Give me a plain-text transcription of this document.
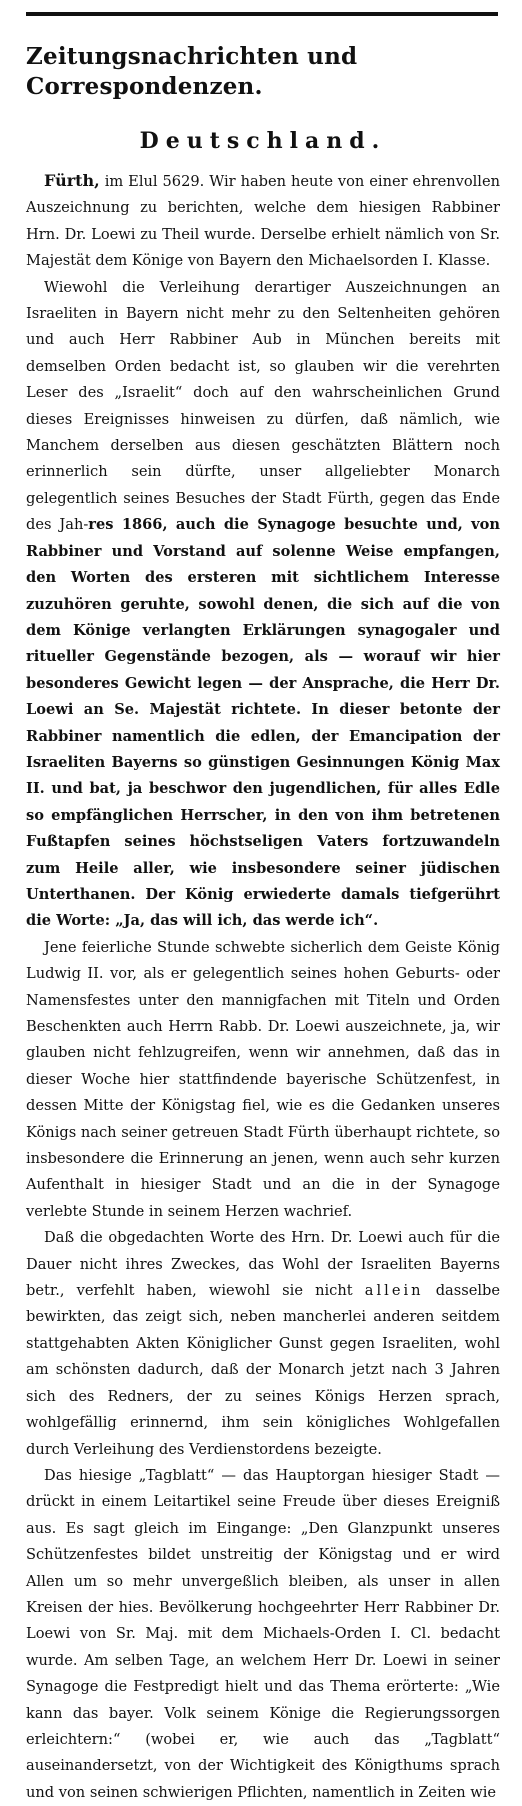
Zeitungsnachrichten und Correspondenzen.
Deutschland.

Fürth, im Elul 5629. Wir haben heute von einer ehrenvollen Auszeichnung zu berichten, welche dem hiesigen Rabbiner Hrn. Dr. Loewi zu Theil wurde. Derselbe erhielt nämlich von Sr. Majestät dem Könige von Bayern den Michaelsorden I. Klasse.

Wiewohl die Verleihung derartiger Auszeichnungen an Israeliten in Bayern nicht mehr zu den Seltenheiten gehören und auch Herr Rabbiner Aub in München bereits mit demselben Orden bedacht ist, so glauben wir die verehrten Leser des „Israelit“ doch auf den wahrscheinlichen Grund dieses Ereignisses hinweisen zu dürfen, daß nämlich, wie Manchem derselben aus diesen geschätzten Blättern noch erinnerlich sein dürfte, unser allgeliebter Monarch gelegentlich seines Besuches der Stadt Fürth, gegen das Ende des Jah-res 1866, auch die Synagoge besuchte und, von Rabbiner und Vorstand auf solenne Weise empfangen, den Worten des ersteren mit sichtlichem Interesse zuzuhören geruhte, sowohl denen, die sich auf die von dem Könige verlangten Erklärungen synagogaler und ritueller Gegenstände bezogen, als — worauf wir hier besonderes Gewicht legen — der Ansprache, die Herr Dr. Loewi an Se. Majestät richtete. In dieser betonte der Rabbiner namentlich die edlen, der Emancipation der Israeliten Bayerns so günstigen Gesinnungen König Max II. und bat, ja beschwor den jugendlichen, für alles Edle so empfänglichen Herrscher, in den von ihm betretenen Fußtapfen seines höchstseligen Vaters fortzuwandeln zum Heile aller, wie insbesondere seiner jüdischen Unterthanen. Der König erwiederte damals tiefgerührt die Worte: „Ja, das will ich, das werde ich“.

Jene feierliche Stunde schwebte sicherlich dem Geiste König Ludwig II. vor, als er gelegentlich seines hohen Geburts- oder Namensfestes unter den mannigfachen mit Titeln und Orden Beschenkten auch Herrn Rabb. Dr. Loewi auszeichnete, ja, wir glauben nicht fehlzugreifen, wenn wir annehmen, daß das in dieser Woche hier stattfindende bayerische Schützenfest, in dessen Mitte der Königstag fiel, wie es die Gedanken unseres Königs nach seiner getreuen Stadt Fürth überhaupt richtete, so insbesondere die Erinnerung an jenen, wenn auch sehr kurzen Aufenthalt in hiesiger Stadt und an die in der Synagoge verlebte Stunde in seinem Herzen wachrief.

Daß die obgedachten Worte des Hrn. Dr. Loewi auch für die Dauer nicht ihres Zweckes, das Wohl der Israeliten Bayerns betr., verfehlt haben, wiewohl sie nicht allein dasselbe bewirkten, das zeigt sich, neben mancherlei anderen seitdem stattgehabten Akten Königlicher Gunst gegen Israeliten, wohl am schönsten dadurch, daß der Monarch jetzt nach 3 Jahren sich des Redners, der zu seines Königs Herzen sprach, wohlgefällig erinnernd, ihm sein königliches Wohlgefallen durch Verleihung des Verdienstordens bezeigte.

Das hiesige „Tagblatt“ — das Hauptorgan hiesiger Stadt — drückt in einem Leitartikel seine Freude über dieses Ereigniß aus. Es sagt gleich im Eingange: „Den Glanzpunkt unseres Schützenfestes bildet unstreitig der Königstag und er wird Allen um so mehr unvergeßlich bleiben, als unser in allen Kreisen der hies. Bevölkerung hochgeehrter Herr Rabbiner Dr. Loewi von Sr. Maj. mit dem Michaels-Orden I. Cl. bedacht wurde. Am selben Tage, an welchem Herr Dr. Loewi in seiner Synagoge die Festpredigt hielt und das Thema erörterte: „Wie kann das bayer. Volk seinem Könige die Regierungssorgen erleichtern:“ (wobei er, wie auch das „Tagblatt“ auseinandersetzt, von der Wichtigkeit des Königthums sprach und von seinen schwierigen Pflichten, namentlich in Zeiten wie
